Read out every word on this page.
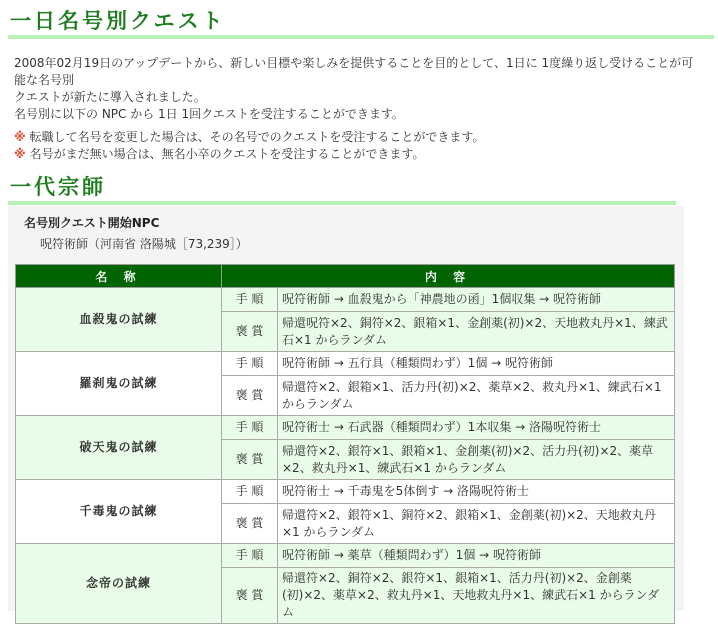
一日名号別クエスト
2008年02月19日のアップデートから、新しい目標や楽しみを提供することを目的として、1日に 1度繰り返し受けることが可能な名号別
クエストが新たに導入されました。
名号別に以下の NPC から 1日 1回クエストを受注することができます。
※ 転職して名号を変更した場合は、その名号でのクエストを受注することができます。
※ 名号がまだ無い場合は、無名小卒のクエストを受注することができます。
一代宗師
名号別クエスト開始NPC
呪符術師（河南省 洛陽城［73,239］）
名 称	内 容	
血殺鬼の試練	手 順	呪符術師 → 血殺鬼から「神農地の函」1個収集 → 呪符術師
	褒 賞	帰還呪符×2、銅符×2、銀箱×1、金創薬(初)×2、天地救丸丹×1、練武石×1 からランダム
羅刹鬼の試練	手 順	呪符術師 → 五行具（種類問わず）1個 → 呪符術師
	褒 賞	帰還符×2、銀箱×1、活力丹(初)×2、薬草×2、救丸丹×1、練武石×1 からランダム
破天鬼の試練	手 順	呪符術士 → 石武器（種類問わず）1本収集 → 洛陽呪符術士
	褒 賞	帰還符×2、銀符×1、銀箱×1、金創薬(初)×2、活力丹(初)×2、薬草×2、救丸丹×1、練武石×1 からランダム
千毒鬼の試練	手 順	呪符術士 → 千毒鬼を5体倒す → 洛陽呪符術士
	褒 賞	帰還符×2、銀符×1、銅符×2、銀箱×1、金創薬(初)×2、天地救丸丹×1 からランダム
念帝の試練	手 順	呪符術師 → 薬草（種類問わず）1個 → 呪符術師
	褒 賞	帰還符×2、銅符×2、銀符×1、銀箱×1、活力丹(初)×2、金創薬(初)×2、薬草×2、救丸丹×1、天地救丸丹×1、練武石×1 からランダム
